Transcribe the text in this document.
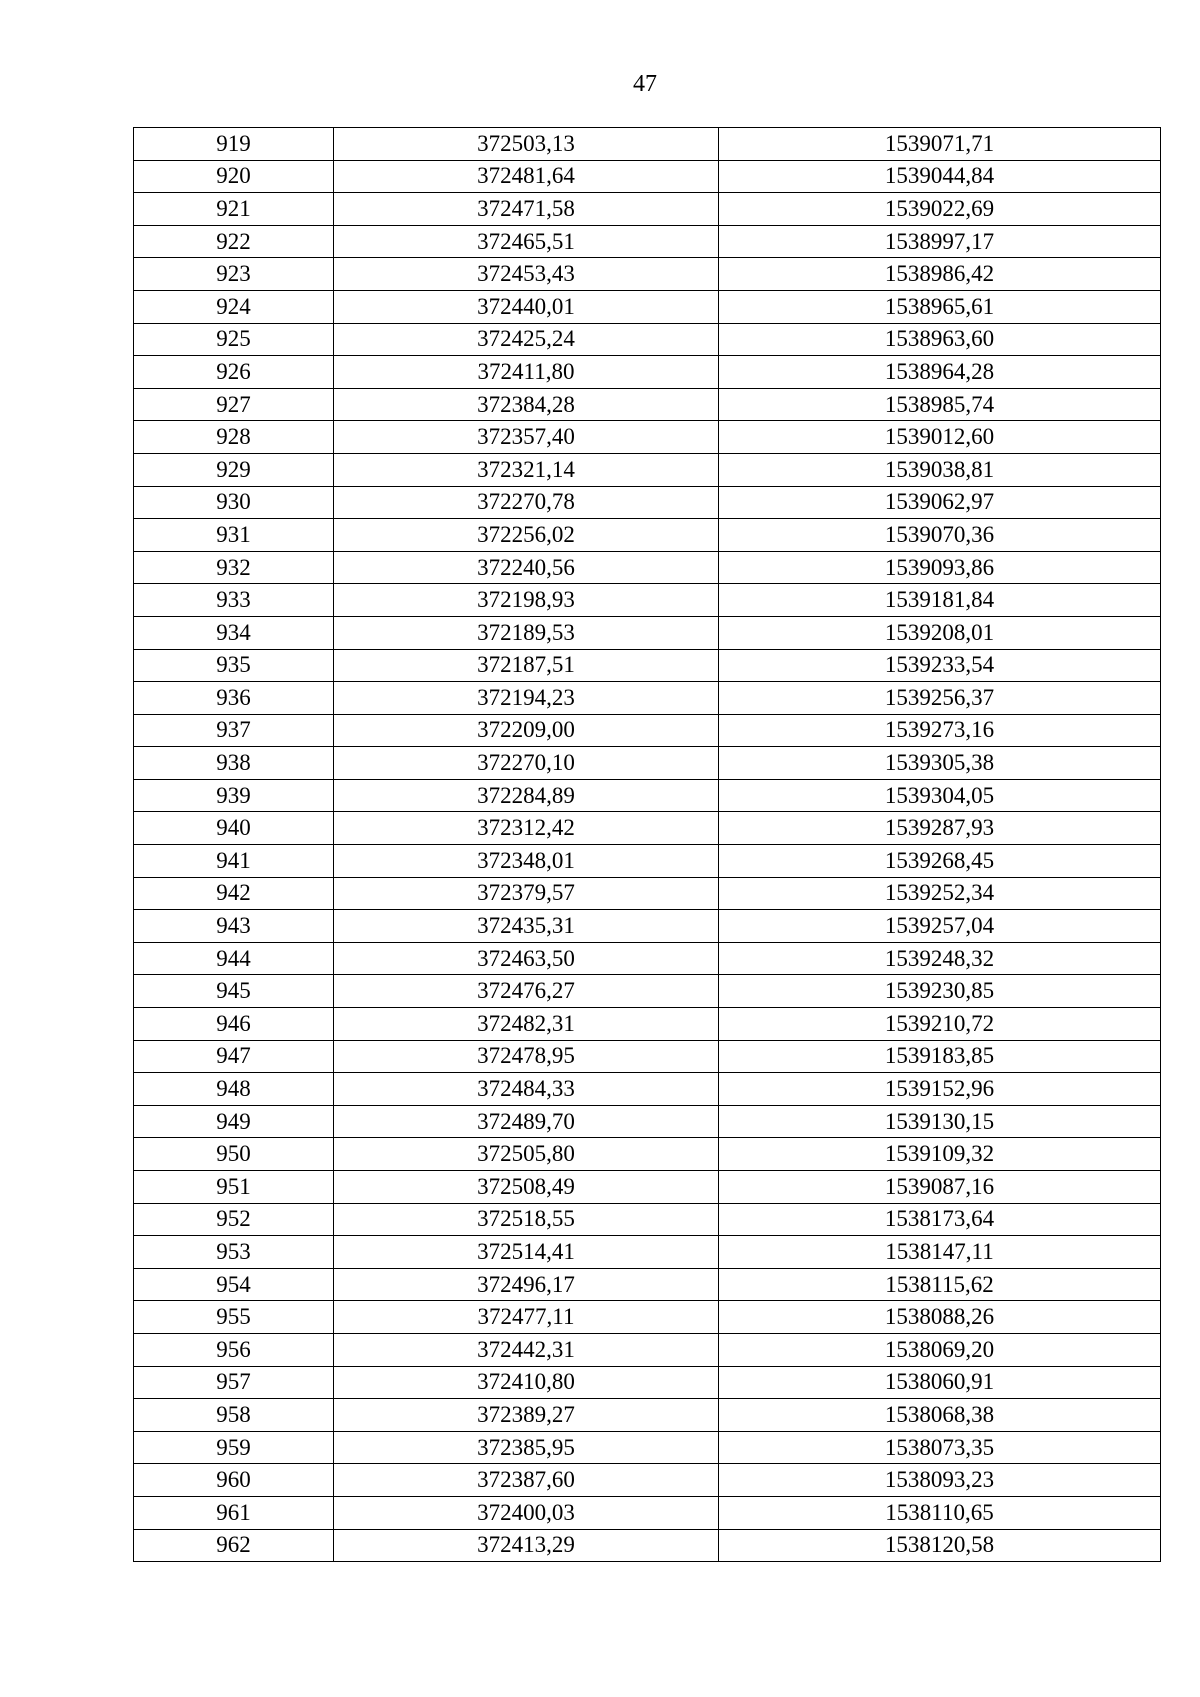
47
919	372503,13	1539071,71
920	372481,64	1539044,84
921	372471,58	1539022,69
922	372465,51	1538997,17
923	372453,43	1538986,42
924	372440,01	1538965,61
925	372425,24	1538963,60
926	372411,80	1538964,28
927	372384,28	1538985,74
928	372357,40	1539012,60
929	372321,14	1539038,81
930	372270,78	1539062,97
931	372256,02	1539070,36
932	372240,56	1539093,86
933	372198,93	1539181,84
934	372189,53	1539208,01
935	372187,51	1539233,54
936	372194,23	1539256,37
937	372209,00	1539273,16
938	372270,10	1539305,38
939	372284,89	1539304,05
940	372312,42	1539287,93
941	372348,01	1539268,45
942	372379,57	1539252,34
943	372435,31	1539257,04
944	372463,50	1539248,32
945	372476,27	1539230,85
946	372482,31	1539210,72
947	372478,95	1539183,85
948	372484,33	1539152,96
949	372489,70	1539130,15
950	372505,80	1539109,32
951	372508,49	1539087,16
952	372518,55	1538173,64
953	372514,41	1538147,11
954	372496,17	1538115,62
955	372477,11	1538088,26
956	372442,31	1538069,20
957	372410,80	1538060,91
958	372389,27	1538068,38
959	372385,95	1538073,35
960	372387,60	1538093,23
961	372400,03	1538110,65
962	372413,29	1538120,58
